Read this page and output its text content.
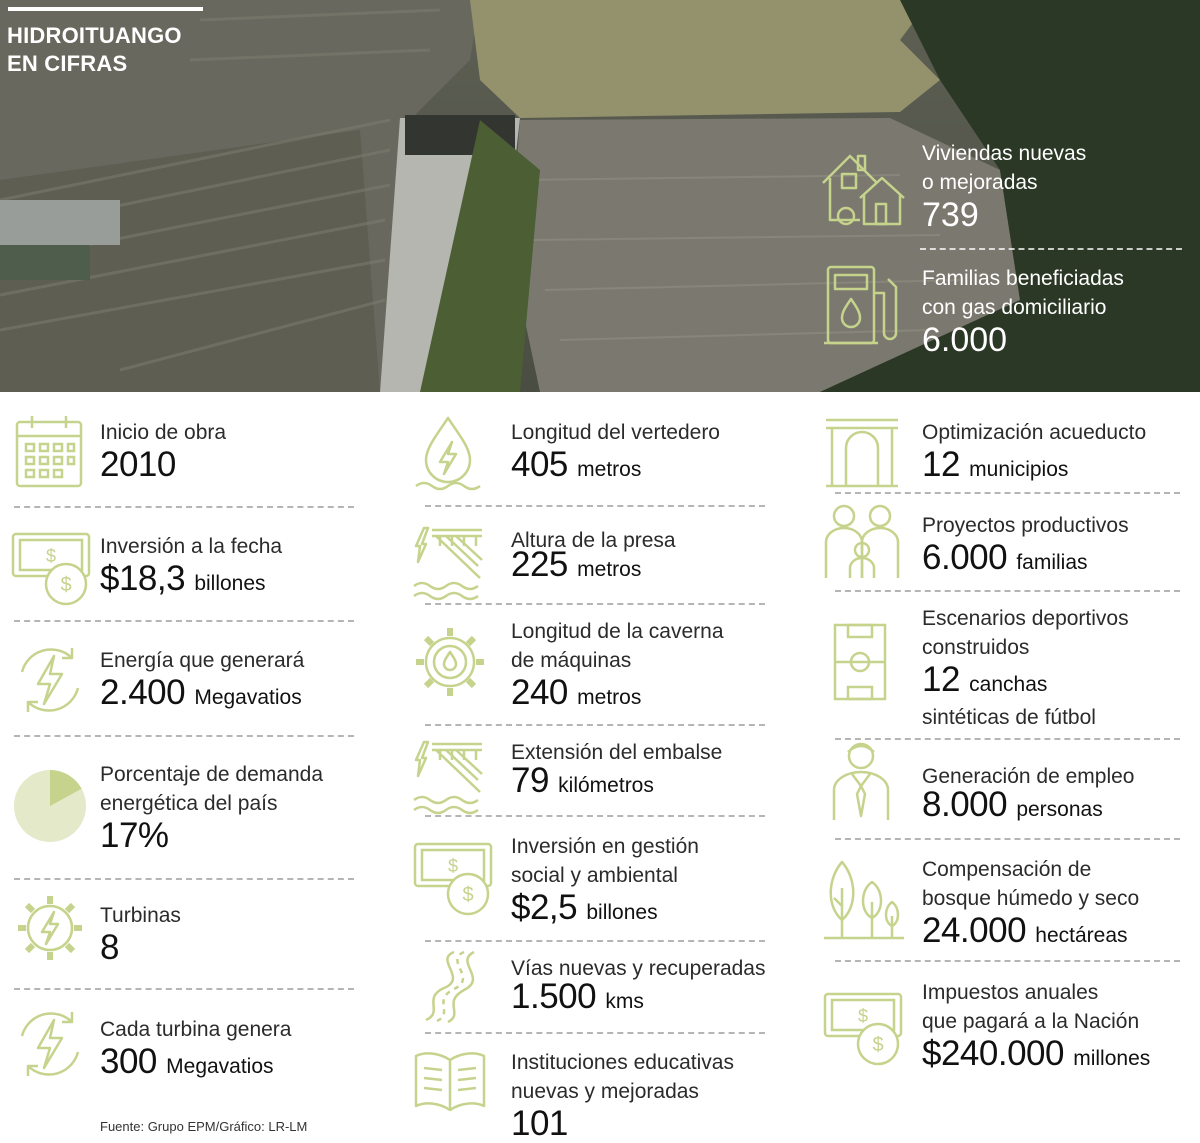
HIDROITUANGO
EN CIFRAS
Viviendas nuevas
o mejoradas
739
Familias beneficiadas
con gas domiciliario
6.000
Inicio de obra
2010
$
$
Inversión a la fecha
$18,3 billones
Energía que generará
2.400 Megavatios
Porcentaje de demanda
energética del país
17%
Turbinas
8
Cada turbina genera
300 Megavatios
Fuente: Grupo EPM/Gráfico: LR-LM
Longitud del vertedero
405 metros
Altura de la presa
225 metros
Longitud de la caverna
de máquinas
240 metros
Extensión del embalse
79 kilómetros
$
$
Inversión en gestión
social y ambiental
$2,5 billones
Vías nuevas y recuperadas
1.500 kms
Instituciones educativas
nuevas y mejoradas
101
Optimización acueducto
12 municipios
Proyectos productivos
6.000 familias
Escenarios deportivos
construidos
12 canchas
sintéticas de fútbol
Generación de empleo
8.000 personas
Compensación de
bosque húmedo y seco
24.000 hectáreas
$
$
Impuestos anuales
que pagará a la Nación
$240.000 millones
